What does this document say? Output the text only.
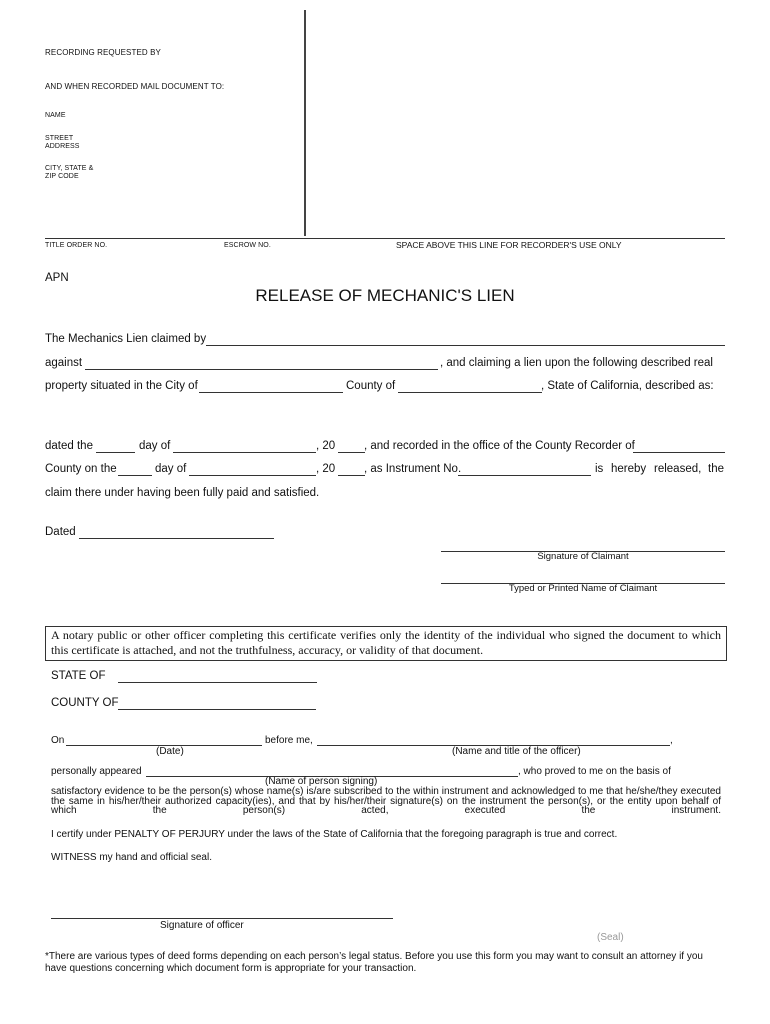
RECORDING REQUESTED BY
AND WHEN RECORDED MAIL DOCUMENT TO:
NAME
STREET
ADDRESS
CITY, STATE &
ZIP CODE
TITLE ORDER NO.	ESCROW NO.	SPACE ABOVE THIS LINE FOR RECORDER'S USE ONLY
APN
RELEASE OF MECHANIC'S LIEN
The Mechanics Lien claimed by
against	, and claiming a lien upon the following described real
property situated in the City of	County of	, State of California, described as:
dated the	day of	, 20	, and recorded in the office of the County Recorder of
County on the	day of	, 20	, as Instrument No.	is hereby released, the
claim there under having been fully paid and satisfied.
Dated
Signature of Claimant
Typed or Printed Name of Claimant
A notary public or other officer completing this certificate verifies only the identity of the individual who signed the document to which this certificate is attached, and not the truthfulness, accuracy, or validity of that document.
STATE OF
COUNTY OF
On	before me,	,
(Date)	(Name and title of the officer)
personally appeared	, who proved to me on the basis of
(Name of person signing)
satisfactory evidence to be the person(s) whose name(s) is/are subscribed to the within instrument and acknowledged to me that he/she/they executed the same in his/her/their authorized capacity(ies), and that by his/her/their signature(s) on the instrument the person(s), or the entity upon behalf of which the person(s) acted, executed the instrument.
I certify under PENALTY OF PERJURY under the laws of the State of California that the foregoing paragraph is true and correct.
WITNESS my hand and official seal.
Signature of officer
(Seal)
*There are various types of deed forms depending on each person’s legal status. Before you use this form you may want to consult an attorney if you have questions concerning which document form is appropriate for your transaction.
